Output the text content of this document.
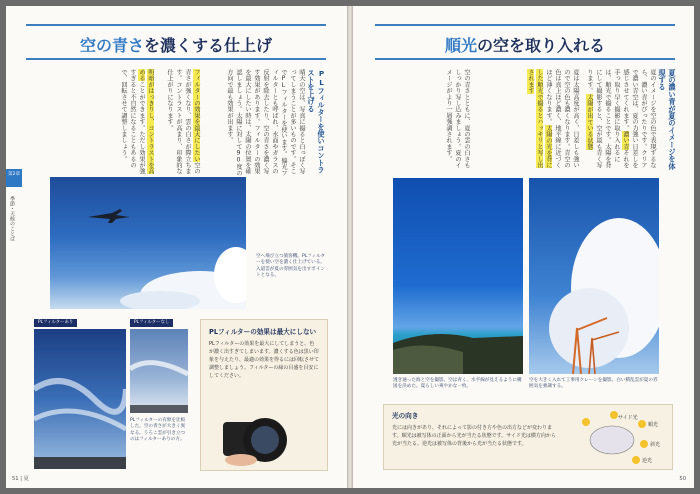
空の青さを濃くする仕上げ
PLフィルターを使いコントラストを上げる
晴天の空は、写真に撮ると白っぽく写ってしまうことが多いものです。そこでPLフィルターを使います。偏光フィルターとも呼ばれ、水面やガラスの反射を除去したり、空の青さを濃く写す効果があります。フィルターの効果を最大にしたい時は、太陽の位置を確認しましょう。太陽に対して90度の方向で最も効果が出ます。
フィルターの効果を最大にしたい空の青さが強くなり、雲の白さが際立ちます。コントラストが高まり、印象的な仕上がりになります。
明暗がはっきりし、コントラストを高めることができます。ただし効果が強すぎると不自然になることもあるので、回転させて調整しましょう。
第2章
季節・天候のことば
空へ飛び立つ旅客機。PLフィルターを使い空を濃く仕上げている。入道雲が夏の雰囲気を出すポイントとなる。
PLフィルターあり	PLフィルターなし
PLフィルターの有無を比較した。空の青さが大きく異なる。うろこ雲が引き立つのはフィルターありの方。
PLフィルターの効果は最大にしない
PLフィルターの効果を最大にしてしまうと、色が濃く出すぎてしまいます。濃くする色は黒い印象を与えたり、最適の効果を得るには回転させて調整しましょう。フィルターの縁の目盛を目安にしてください。
51 | 夏
順光の空を取り入れる
夏の濃い青が夏のイメージを体現する
夏のイメージを空の色で表現するなら、濃い青がぴったりです。クリアで濃い青空は、夏の力強い日差しを感じさせてくれます。濃い青それを手っ取り早く撮影に取り入れるには、順光で撮ることです。太陽を背にして撮影すると、空が最も青く写ります。太陽が出ている状態
夏は太陽高度が高く、日差しも強いので空の色も濃くなります。青空の色は真上ほど濃く、地平線に近づくほど薄くなります。太陽の光を背にした順光で撮るとハッキリと写し出されます
空の青さとともに、夏の雲の白さもしっかり写し込みましょう。夏のイメージがより一層強調されます。
透き通った海と空を撮影。空は青く、水平線が見えるように構図を決めた。夏らしい爽やかな一枚。
空を大きく入れて工事用クレーンを撮影。白い積乱雲が夏の雰囲気を強調する。
光の向き
光には向きがあり、それによって影の付き方や色の出方などが変わります。順光は被写体の正面から光が当たる状態です。サイド光は横方向から光が当たる。逆光は被写体の背後から光が当たる状態です。
順光
斜光
サイド光
逆光
50
